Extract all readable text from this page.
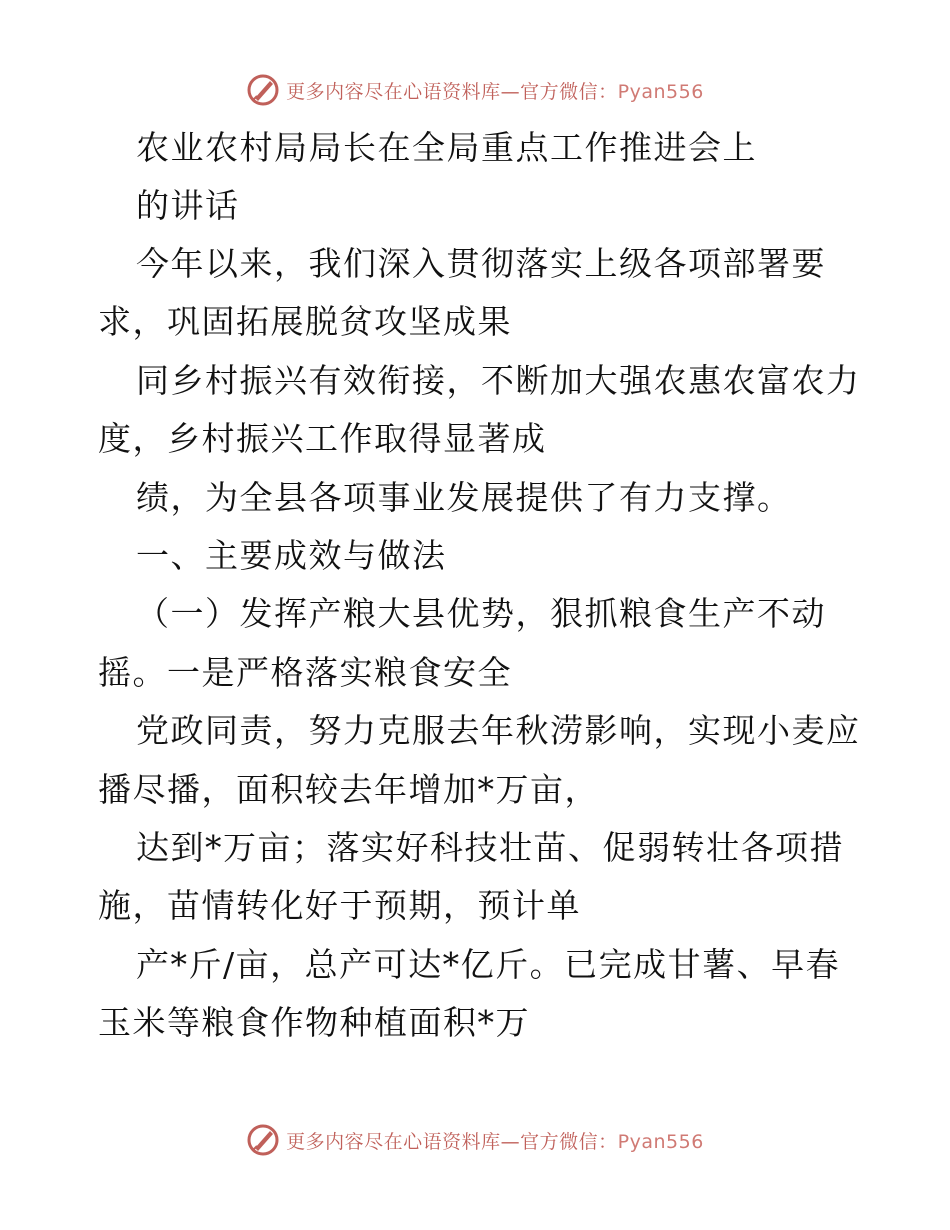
更多内容尽在心语资料库—官方微信：Pyan556
农业农村局局长在全局重点工作推进会上
的讲话
今年以来，我们深入贯彻落实上级各项部署要
求，巩固拓展脱贫攻坚成果
同乡村振兴有效衔接，不断加大强农惠农富农力
度，乡村振兴工作取得显著成
绩，为全县各项事业发展提供了有力支撑。
一、主要成效与做法
（一）发挥产粮大县优势，狠抓粮食生产不动
摇。一是严格落实粮食安全
党政同责，努力克服去年秋涝影响，实现小麦应
播尽播，面积较去年增加*万亩，
达到*万亩；落实好科技壮苗、促弱转壮各项措
施，苗情转化好于预期，预计单
产*斤/亩，总产可达*亿斤。已完成甘薯、早春
玉米等粮食作物种植面积*万
更多内容尽在心语资料库—官方微信：Pyan556
